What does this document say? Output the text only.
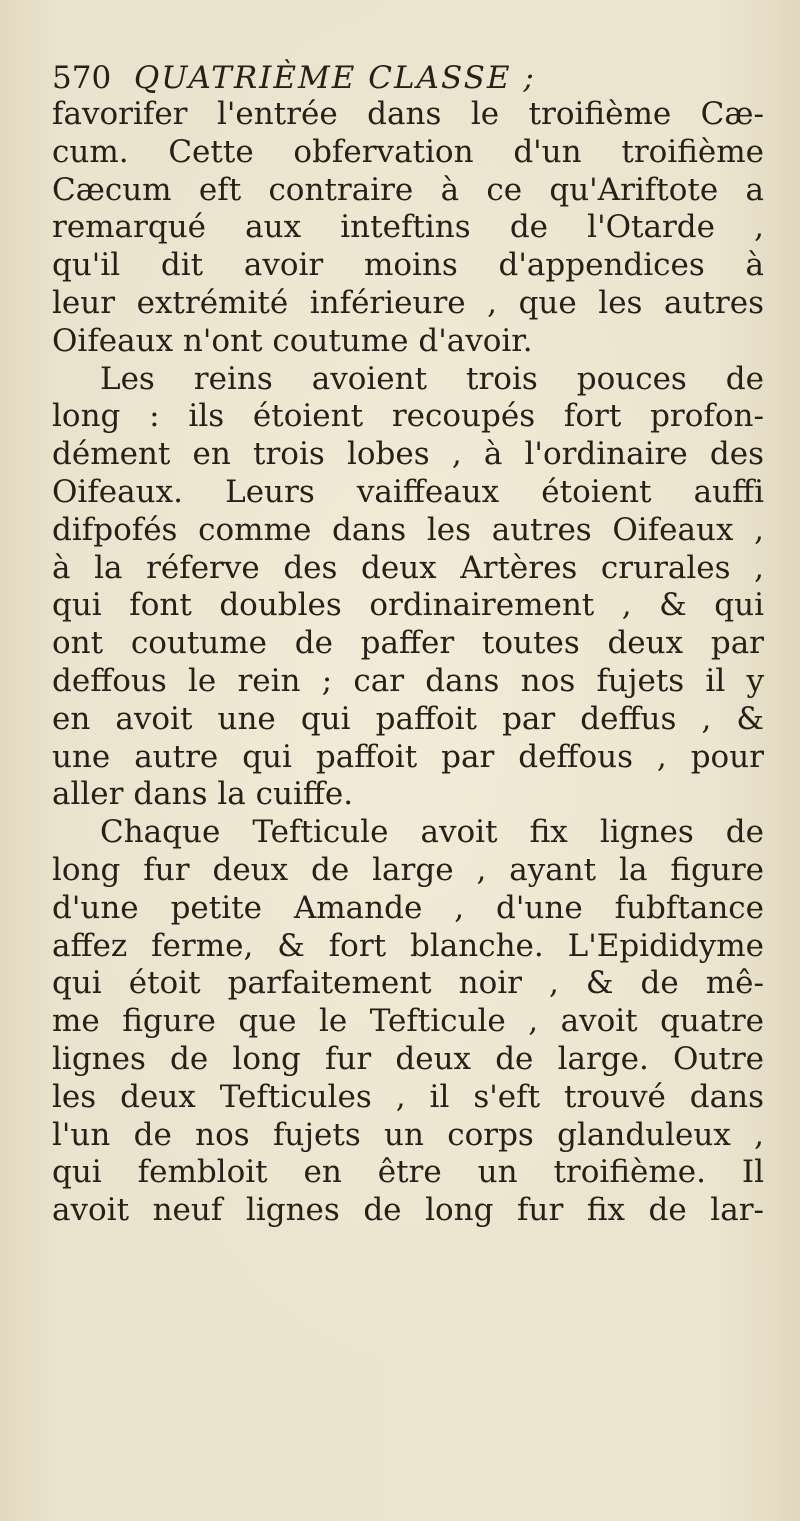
570 QUATRIÈME CLASSE ;
favorifer l'entrée dans le troifième Cæ-
cum. Cette obfervation d'un troifième
Cæcum eft contraire à ce qu'Ariftote a
remarqué aux inteftins de l'Otarde ,
qu'il dit avoir moins d'appendices à
leur extrémité inférieure , que les autres
Oifeaux n'ont coutume d'avoir.
Les reins avoient trois pouces de
long : ils étoient recoupés fort profon-
dément en trois lobes , à l'ordinaire des
Oifeaux. Leurs vaiffeaux étoient auffi
difpofés comme dans les autres Oifeaux ,
à la réferve des deux Artères crurales ,
qui font doubles ordinairement , & qui
ont coutume de paffer toutes deux par
deffous le rein ; car dans nos fujets il y
en avoit une qui paffoit par deffus , &
une autre qui paffoit par deffous , pour
aller dans la cuiffe.
Chaque Tefticule avoit fix lignes de
long fur deux de large , ayant la figure
d'une petite Amande , d'une fubftance
affez ferme, & fort blanche. L'Epididyme
qui étoit parfaitement noir , & de mê-
me figure que le Tefticule , avoit quatre
lignes de long fur deux de large. Outre
les deux Tefticules , il s'eft trouvé dans
l'un de nos fujets un corps glanduleux ,
qui fembloit en être un troifième. Il
avoit neuf lignes de long fur fix de lar-
